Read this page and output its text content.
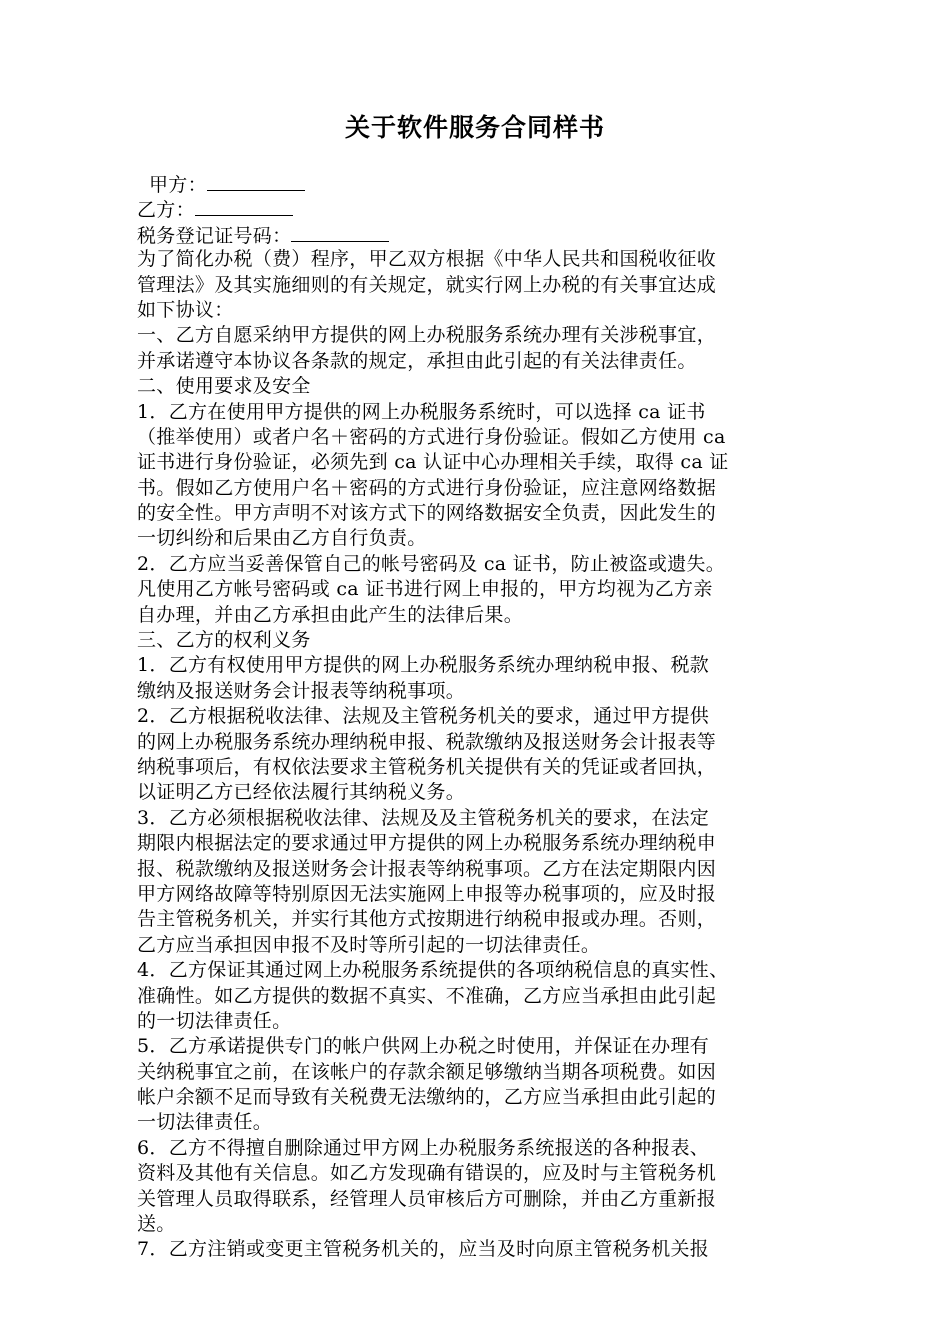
关于软件服务合同样书
甲方：
乙方：
税务登记证号码：
为了简化办税（费）程序，甲乙双方根据《中华人民共和国税收征收
管理法》及其实施细则的有关规定，就实行网上办税的有关事宜达成
如下协议：
一、乙方自愿采纳甲方提供的网上办税服务系统办理有关涉税事宜，
并承诺遵守本协议各条款的规定，承担由此引起的有关法律责任。
二、使用要求及安全
1．乙方在使用甲方提供的网上办税服务系统时，可以选择 ca 证书
（推举使用）或者户名＋密码的方式进行身份验证。假如乙方使用 ca
证书进行身份验证，必须先到 ca 认证中心办理相关手续，取得 ca 证
书。假如乙方使用户名＋密码的方式进行身份验证，应注意网络数据
的安全性。甲方声明不对该方式下的网络数据安全负责，因此发生的
一切纠纷和后果由乙方自行负责。
2．乙方应当妥善保管自己的帐号密码及 ca 证书，防止被盗或遗失。
凡使用乙方帐号密码或 ca 证书进行网上申报的，甲方均视为乙方亲
自办理，并由乙方承担由此产生的法律后果。
三、乙方的权利义务
1．乙方有权使用甲方提供的网上办税服务系统办理纳税申报、税款
缴纳及报送财务会计报表等纳税事项。
2．乙方根据税收法律、法规及主管税务机关的要求，通过甲方提供
的网上办税服务系统办理纳税申报、税款缴纳及报送财务会计报表等
纳税事项后，有权依法要求主管税务机关提供有关的凭证或者回执，
以证明乙方已经依法履行其纳税义务。
3．乙方必须根据税收法律、法规及及主管税务机关的要求，在法定
期限内根据法定的要求通过甲方提供的网上办税服务系统办理纳税申
报、税款缴纳及报送财务会计报表等纳税事项。乙方在法定期限内因
甲方网络故障等特别原因无法实施网上申报等办税事项的，应及时报
告主管税务机关，并实行其他方式按期进行纳税申报或办理。否则，
乙方应当承担因申报不及时等所引起的一切法律责任。
4．乙方保证其通过网上办税服务系统提供的各项纳税信息的真实性、
准确性。如乙方提供的数据不真实、不准确，乙方应当承担由此引起
的一切法律责任。
5．乙方承诺提供专门的帐户供网上办税之时使用，并保证在办理有
关纳税事宜之前，在该帐户的存款余额足够缴纳当期各项税费。如因
帐户余额不足而导致有关税费无法缴纳的，乙方应当承担由此引起的
一切法律责任。
6．乙方不得擅自删除通过甲方网上办税服务系统报送的各种报表、
资料及其他有关信息。如乙方发现确有错误的，应及时与主管税务机
关管理人员取得联系，经管理人员审核后方可删除，并由乙方重新报
送。
7．乙方注销或变更主管税务机关的，应当及时向原主管税务机关报
